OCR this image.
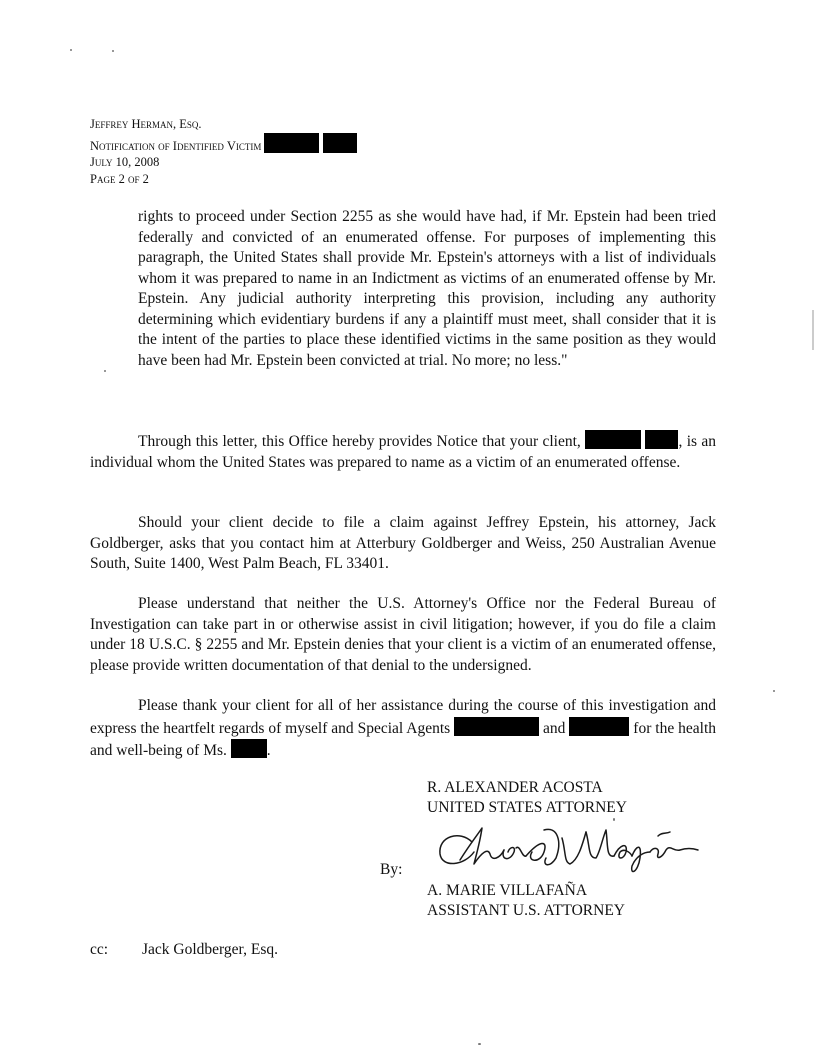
Jeffrey Herman, Esq.
Notification of Identified Victim
July 10, 2008
Page 2 of 2
rights to proceed under Section 2255 as she would have had, if Mr. Epstein had been tried federally and convicted of an enumerated offense. For purposes of implementing this paragraph, the United States shall provide Mr. Epstein's attorneys with a list of individuals whom it was prepared to name in an Indictment as victims of an enumerated offense by Mr. Epstein. Any judicial authority interpreting this provision, including any authority determining which evidentiary burdens if any a plaintiff must meet, shall consider that it is the intent of the parties to place these identified victims in the same position as they would have been had Mr. Epstein been convicted at trial. No more; no less."
Through this letter, this Office hereby provides Notice that your client,	, is an individual whom the United States was prepared to name as a victim of an enumerated offense.
Should your client decide to file a claim against Jeffrey Epstein, his attorney, Jack Goldberger, asks that you contact him at Atterbury Goldberger and Weiss, 250 Australian Avenue South, Suite 1400, West Palm Beach, FL 33401.
Please understand that neither the U.S. Attorney's Office nor the Federal Bureau of Investigation can take part in or otherwise assist in civil litigation; however, if you do file a claim under 18 U.S.C. § 2255 and Mr. Epstein denies that your client is a victim of an enumerated offense, please provide written documentation of that denial to the undersigned.
Please thank your client for all of her assistance during the course of this investigation and express the heartfelt regards of myself and Special Agents	and	for the health and well-being of Ms.	.
R. ALEXANDER ACOSTA
UNITED STATES ATTORNEY
By:
A. MARIE VILLAFAÑA
ASSISTANT U.S. ATTORNEY
cc: Jack Goldberger, Esq.
